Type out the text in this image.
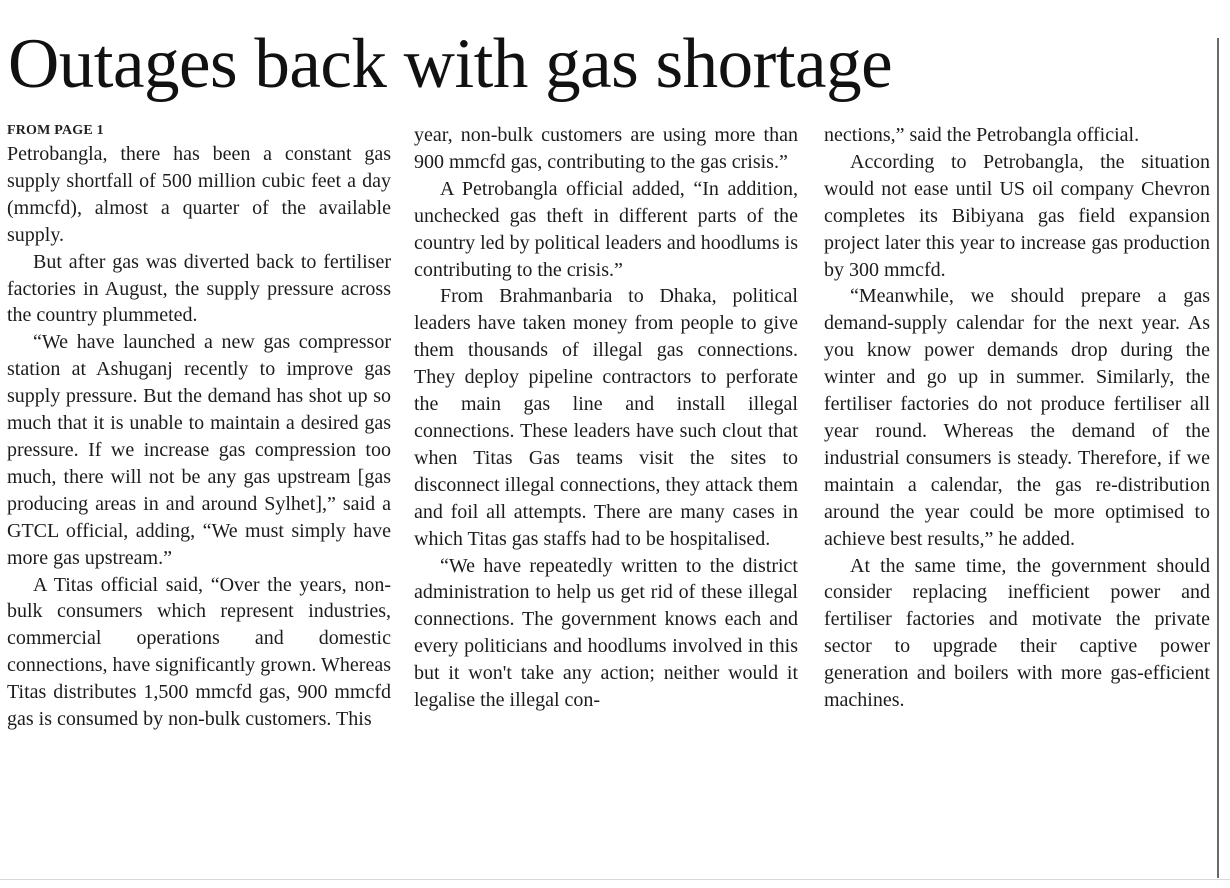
Outages back with gas shortage
FROM PAGE 1

Petrobangla, there has been a constant gas supply shortfall of 500 million cubic feet a day (mmcfd), almost a quarter of the available supply.

But after gas was diverted back to fertiliser factories in August, the supply pressure across the country plummeted.

“We have launched a new gas compressor station at Ashuganj recently to improve gas supply pressure. But the demand has shot up so much that it is unable to maintain a desired gas pressure. If we increase gas compression too much, there will not be any gas upstream [gas producing areas in and around Sylhet],” said a GTCL official, adding, “We must simply have more gas upstream.”

A Titas official said, “Over the years, non-bulk consumers which represent industries, commercial operations and domestic connections, have significantly grown. Whereas Titas distributes 1,500 mmcfd gas, 900 mmcfd gas is consumed by non-bulk customers. This

year, non-bulk customers are using more than 900 mmcfd gas, contributing to the gas crisis.”

A Petrobangla official added, “In addition, unchecked gas theft in different parts of the country led by political leaders and hoodlums is contributing to the crisis.”

From Brahmanbaria to Dhaka, political leaders have taken money from people to give them thousands of illegal gas connections. They deploy pipeline contractors to perforate the main gas line and install illegal connections. These leaders have such clout that when Titas Gas teams visit the sites to disconnect illegal connections, they attack them and foil all attempts. There are many cases in which Titas gas staffs had to be hospitalised.

“We have repeatedly written to the district administration to help us get rid of these illegal connections. The government knows each and every politicians and hoodlums involved in this but it won't take any action; neither would it legalise the illegal con-

nections,” said the Petrobangla official.

According to Petrobangla, the situation would not ease until US oil company Chevron completes its Bibiyana gas field expansion project later this year to increase gas production by 300 mmcfd.

“Meanwhile, we should prepare a gas demand-supply calendar for the next year. As you know power demands drop during the winter and go up in summer. Similarly, the fertiliser factories do not produce fertiliser all year round. Whereas the demand of the industrial consumers is steady. Therefore, if we maintain a calendar, the gas re-distribution around the year could be more optimised to achieve best results,” he added.

At the same time, the government should consider replacing inefficient power and fertiliser factories and motivate the private sector to upgrade their captive power generation and boilers with more gas-efficient machines.
